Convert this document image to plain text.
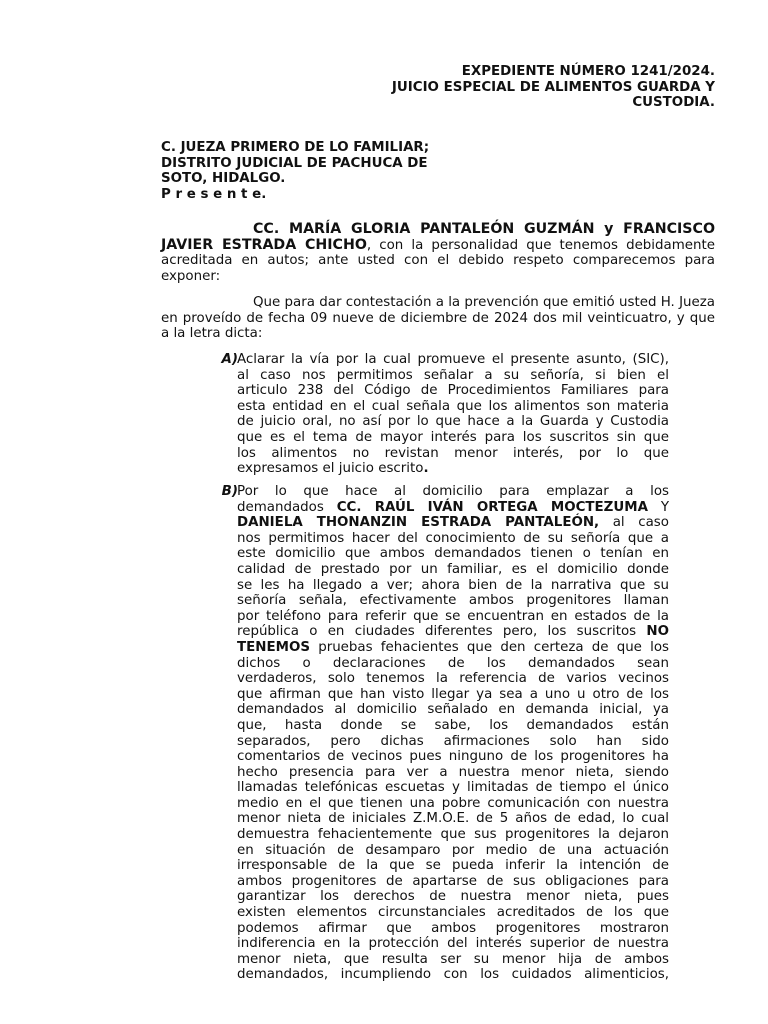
EXPEDIENTE NÚMERO 1241/2024.
JUICIO ESPECIAL DE ALIMENTOS GUARDA Y
CUSTODIA.
C. JUEZA PRIMERO DE LO FAMILIAR;
DISTRITO JUDICIAL DE PACHUCA DE
SOTO, HIDALGO.
P r e s e n t e.
CC. MARÍA GLORIA PANTALEÓN GUZMÁN y FRANCISCO
JAVIER ESTRADA CHICHO, con la personalidad que tenemos debidamente acreditada en autos; ante usted con el debido respeto comparecemos para exponer:

Que para dar contestación a la prevención que emitió usted H. Jueza en proveído de fecha 09 nueve de diciembre de 2024 dos mil veinticuatro, y que a la letra dicta:

A) Aclarar la vía por la cual promueve el presente asunto, (SIC),
al caso nos permitimos señalar a su señoría, si bien el
articulo 238 del Código de Procedimientos Familiares para
esta entidad en el cual señala que los alimentos son materia
de juicio oral, no así por lo que hace a la Guarda y Custodia
que es el tema de mayor interés para los suscritos sin que
los alimentos no revistan menor interés, por lo que
expresamos el juicio escrito.
B) Por lo que hace al domicilio para emplazar a los
demandados CC. RAÚL IVÁN ORTEGA MOCTEZUMA Y
DANIELA THONANZIN ESTRADA PANTALEÓN, al caso
nos permitimos hacer del conocimiento de su señoría que a
este domicilio que ambos demandados tienen o tenían en
calidad de prestado por un familiar, es el domicilio donde
se les ha llegado a ver; ahora bien de la narrativa que su
señoría señala, efectivamente ambos progenitores llaman
por teléfono para referir que se encuentran en estados de la
república o en ciudades diferentes pero, los suscritos NO
TENEMOS pruebas fehacientes que den certeza de que los
dichos o declaraciones de los demandados sean
verdaderos, solo tenemos la referencia de varios vecinos
que afirman que han visto llegar ya sea a uno u otro de los
demandados al domicilio señalado en demanda inicial, ya
que, hasta donde se sabe, los demandados están
separados, pero dichas afirmaciones solo han sido
comentarios de vecinos pues ninguno de los progenitores ha
hecho presencia para ver a nuestra menor nieta, siendo
llamadas telefónicas escuetas y limitadas de tiempo el único
medio en el que tienen una pobre comunicación con nuestra
menor nieta de iniciales Z.M.O.E. de 5 años de edad, lo cual
demuestra fehacientemente que sus progenitores la dejaron
en situación de desamparo por medio de una actuación
irresponsable de la que se pueda inferir la intención de
ambos progenitores de apartarse de sus obligaciones para
garantizar los derechos de nuestra menor nieta, pues
existen elementos circunstanciales acreditados de los que
podemos afirmar que ambos progenitores mostraron
indiferencia en la protección del interés superior de nuestra
menor nieta, que resulta ser su menor hija de ambos
demandados, incumpliendo con los cuidados alimenticios,
